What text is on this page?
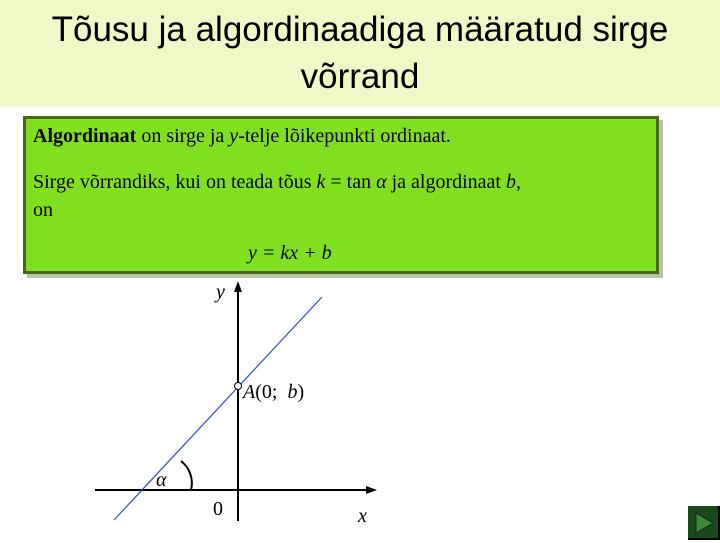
Tõusu ja algordinaadiga määratud sirge võrrand
Algordinaat on sirge ja y-telje lõikepunkti ordinaat.
Sirge võrrandiks, kui on teada tõus k = tan α ja algordinaat b,
on
y = kx + b
y
x
0
A(0;  b)
α
